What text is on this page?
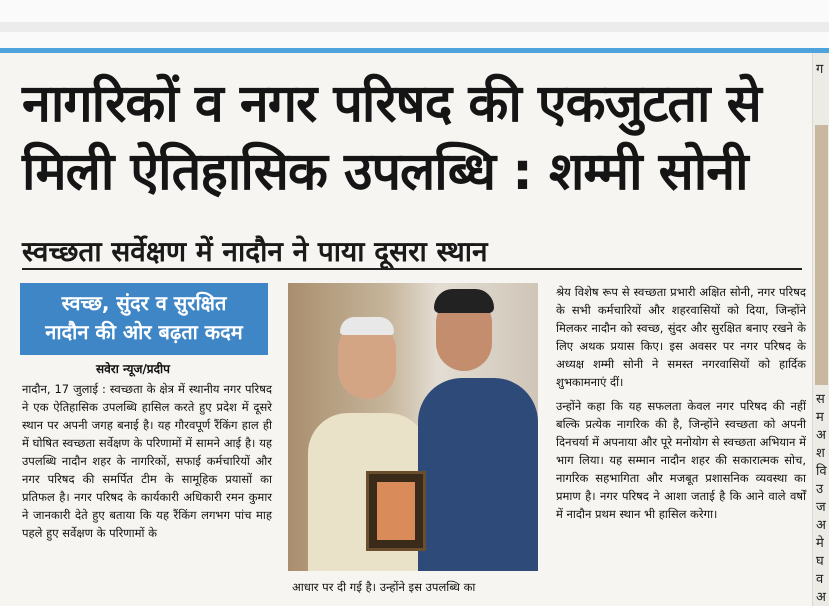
ग
स
म
अ
श
वि
उ
ज
अ
मे
घ
व
अ
नागरिकों व नगर परिषद की एकजुटता से
मिली ऐतिहासिक उपलब्धि : शम्मी सोनी
स्वच्छता सर्वेक्षण में नादौन ने पाया दूसरा स्थान
स्वच्छ, सुंदर व सुरक्षित
नादौन की ओर बढ़ता कदम
सवेरा न्यूज/प्रदीप

नादौन, 17 जुलाई : स्वच्छता के क्षेत्र में स्थानीय नगर परिषद ने एक ऐतिहासिक उपलब्धि हासिल करते हुए प्रदेश में दूसरे स्थान पर अपनी जगह बनाई है। यह गौरवपूर्ण रैंकिंग हाल ही में घोषित स्वच्छता सर्वेक्षण के परिणामों में सामने आई है। यह उपलब्धि नादौन शहर के नागरिकों, सफाई कर्मचारियों और नगर परिषद की समर्पित टीम के सामूहिक प्रयासों का प्रतिफल है। नगर परिषद के कार्यकारी अधिकारी रमन कुमार ने जानकारी देते हुए बताया कि यह रैंकिंग लगभग पांच माह पहले हुए सर्वेक्षण के परिणामों के

आधार पर दी गई है। उन्होंने इस उपलब्धि का

श्रेय विशेष रूप से स्वच्छता प्रभारी अक्षित सोनी, नगर परिषद के सभी कर्मचारियों और शहरवासियों को दिया, जिन्होंने मिलकर नादौन को स्वच्छ, सुंदर और सुरक्षित बनाए रखने के लिए अथक प्रयास किए। इस अवसर पर नगर परिषद के अध्यक्ष शम्मी सोनी ने समस्त नगरवासियों को हार्दिक शुभकामनाएं दीं।

उन्होंने कहा कि यह सफलता केवल नगर परिषद की नहीं बल्कि प्रत्येक नागरिक की है, जिन्होंने स्वच्छता को अपनी दिनचर्या में अपनाया और पूरे मनोयोग से स्वच्छता अभियान में भाग लिया। यह सम्मान नादौन शहर की सकारात्मक सोच, नागरिक सहभागिता और मजबूत प्रशासनिक व्यवस्था का प्रमाण है। नगर परिषद ने आशा जताई है कि आने वाले वर्षों में नादौन प्रथम स्थान भी हासिल करेगा।
